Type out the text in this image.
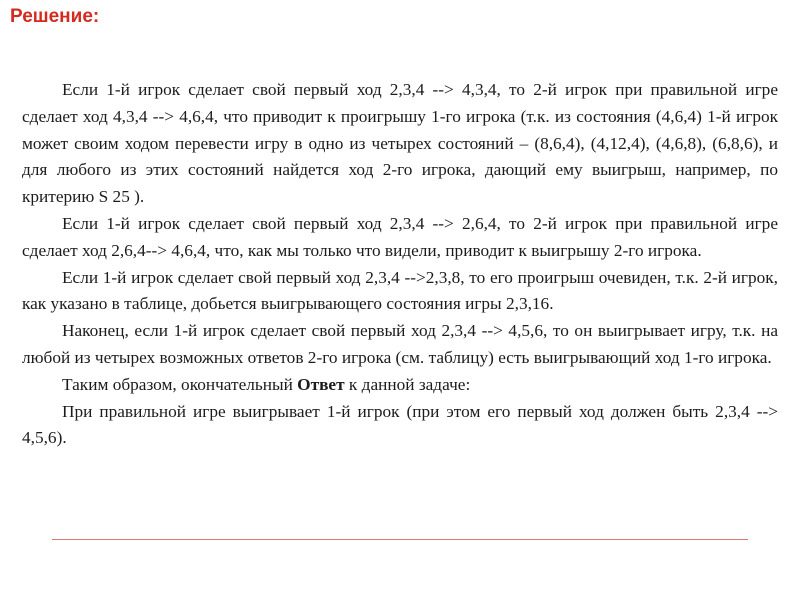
Решение:

Если 1-й игрок сделает свой первый ход 2,3,4 --> 4,3,4, то 2-й игрок при правильной игре сделает ход 4,3,4 --> 4,6,4, что приводит к проигрышу 1-го игрока (т.к. из состояния (4,6,4) 1-й игрок может своим ходом перевести игру в одно из четырех состояний – (8,6,4), (4,12,4), (4,6,8), (6,8,6), и для любого из этих состояний найдется ход 2-го игрока, дающий ему выигрыш, например, по критерию S 25 ).

Если 1-й игрок сделает свой первый ход 2,3,4 --> 2,6,4, то 2-й игрок при правильной игре сделает ход 2,6,4--> 4,6,4, что, как мы только что видели, приводит к выигрышу 2-го игрока.

Если 1-й игрок сделает свой первый ход 2,3,4 -->2,3,8, то его проигрыш очевиден, т.к. 2-й игрок, как указано в таблице, добьется выигрывающего состояния игры 2,3,16.

Наконец, если 1-й игрок сделает свой первый ход 2,3,4 --> 4,5,6, то он выигрывает игру, т.к. на любой из четырех возможных ответов 2-го игрока (см. таблицу) есть выигрывающий ход 1-го игрока.

Таким образом, окончательный Ответ к данной задаче:

При правильной игре выигрывает 1-й игрок (при этом его первый ход должен быть 2,3,4 --> 4,5,6).
